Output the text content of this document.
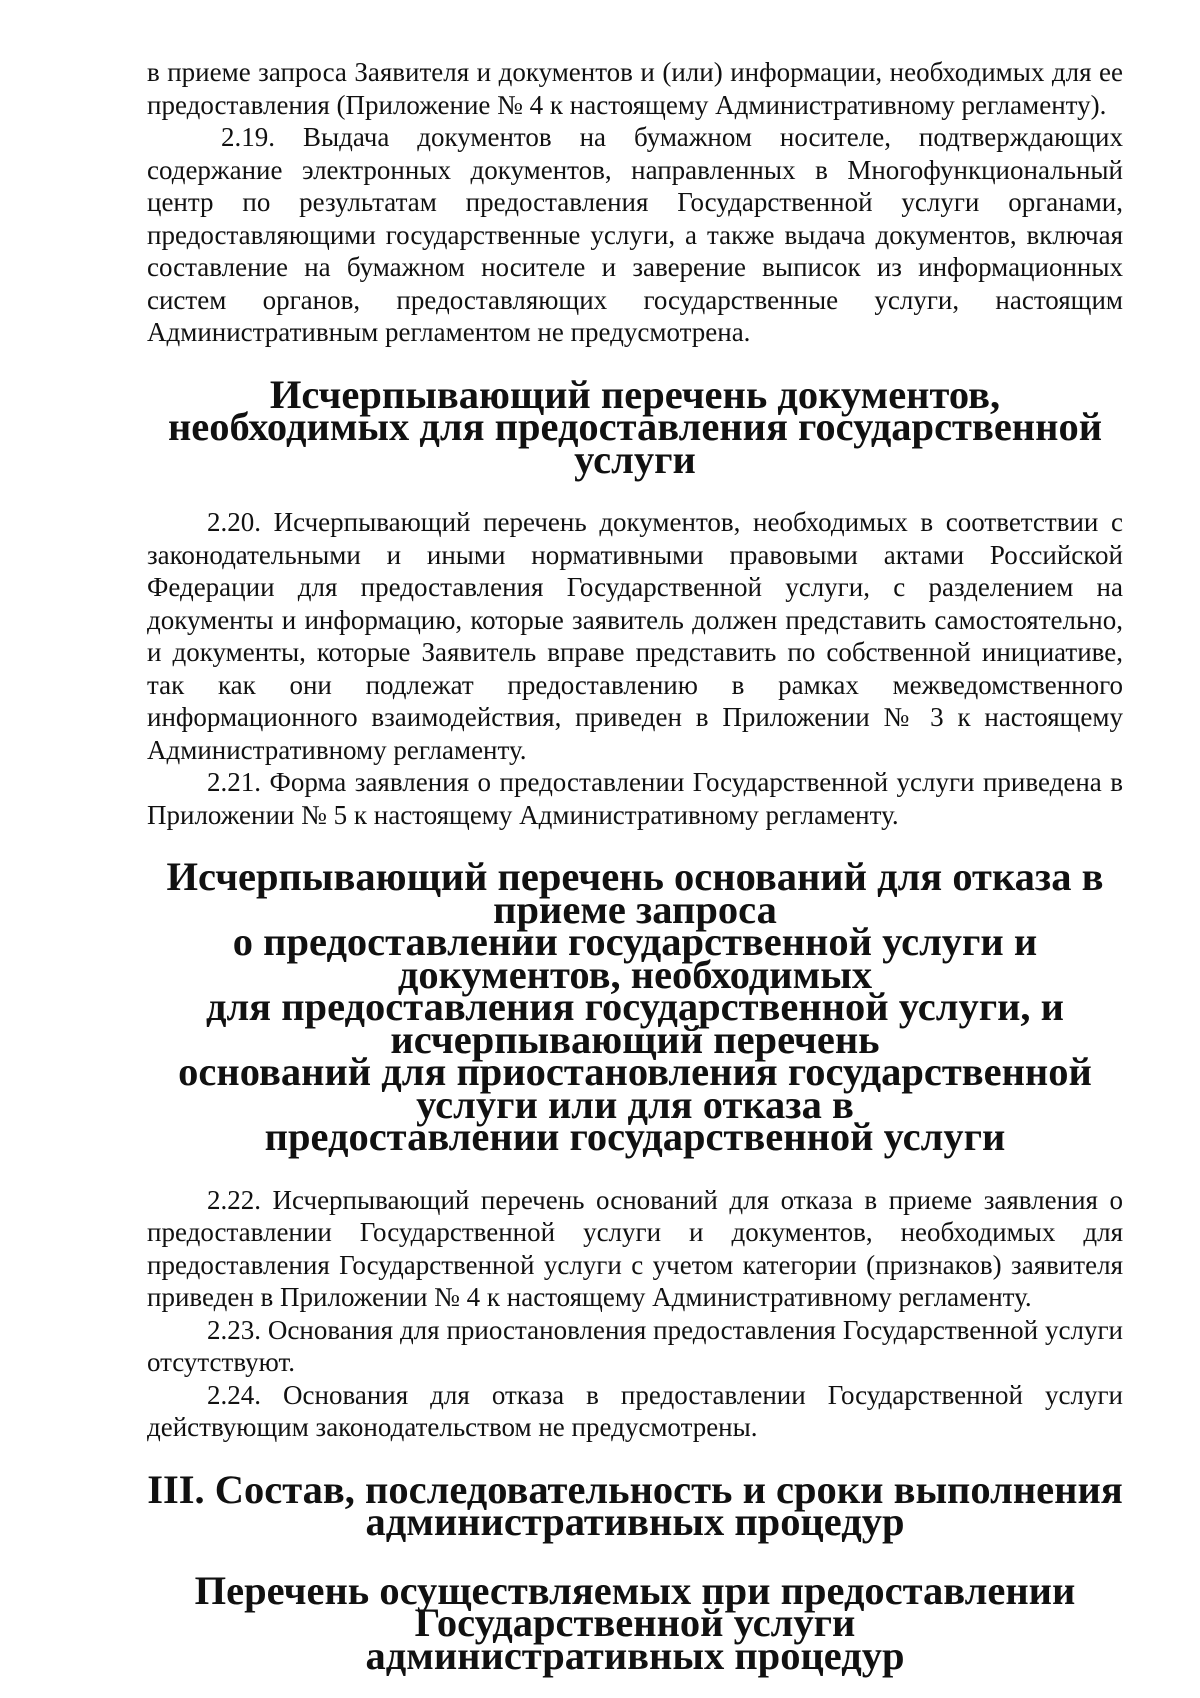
в приеме запроса Заявителя и документов и (или) информации, необходимых для ее предоставления (Приложение № 4 к настоящему Административному регламенту).

2.19. Выдача документов на бумажном носителе, подтверждающих содержание электронных документов, направленных в Многофункциональный центр по результатам предоставления Государственной услуги органами, предоставляющими государственные услуги, а также выдача документов, включая составление на бумажном носителе и заверение выписок из информационных систем органов, предоставляющих государственные услуги, настоящим Административным регламентом не предусмотрена.

Исчерпывающий перечень документов,
необходимых для предоставления государственной услуги

2.20. Исчерпывающий перечень документов, необходимых в соответствии с законодательными и иными нормативными правовыми актами Российской Федерации для предоставления Государственной услуги, с разделением на документы и информацию, которые заявитель должен представить самостоятельно, и документы, которые Заявитель вправе представить по собственной инициативе, так как они подлежат предоставлению в рамках межведомственного информационного взаимодействия, приведен в Приложении № 3 к настоящему Административному регламенту.

2.21. Форма заявления о предоставлении Государственной услуги приведена в Приложении № 5 к настоящему Административному регламенту.

Исчерпывающий перечень оснований для отказа в приеме запроса
о предоставлении государственной услуги и документов, необходимых
для предоставления государственной услуги, и исчерпывающий перечень
оснований для приостановления государственной услуги или для отказа в
предоставлении государственной услуги

2.22. Исчерпывающий перечень оснований для отказа в приеме заявления о предоставлении Государственной услуги и документов, необходимых для предоставления Государственной услуги с учетом категории (признаков) заявителя приведен в Приложении № 4 к настоящему Административному регламенту.

2.23. Основания для приостановления предоставления Государственной услуги отсутствуют.

2.24. Основания для отказа в предоставлении Государственной услуги действующим законодательством не предусмотрены.

III. Состав, последовательность и сроки выполнения
административных процедур
Перечень осуществляемых при предоставлении Государственной услуги
административных процедур
